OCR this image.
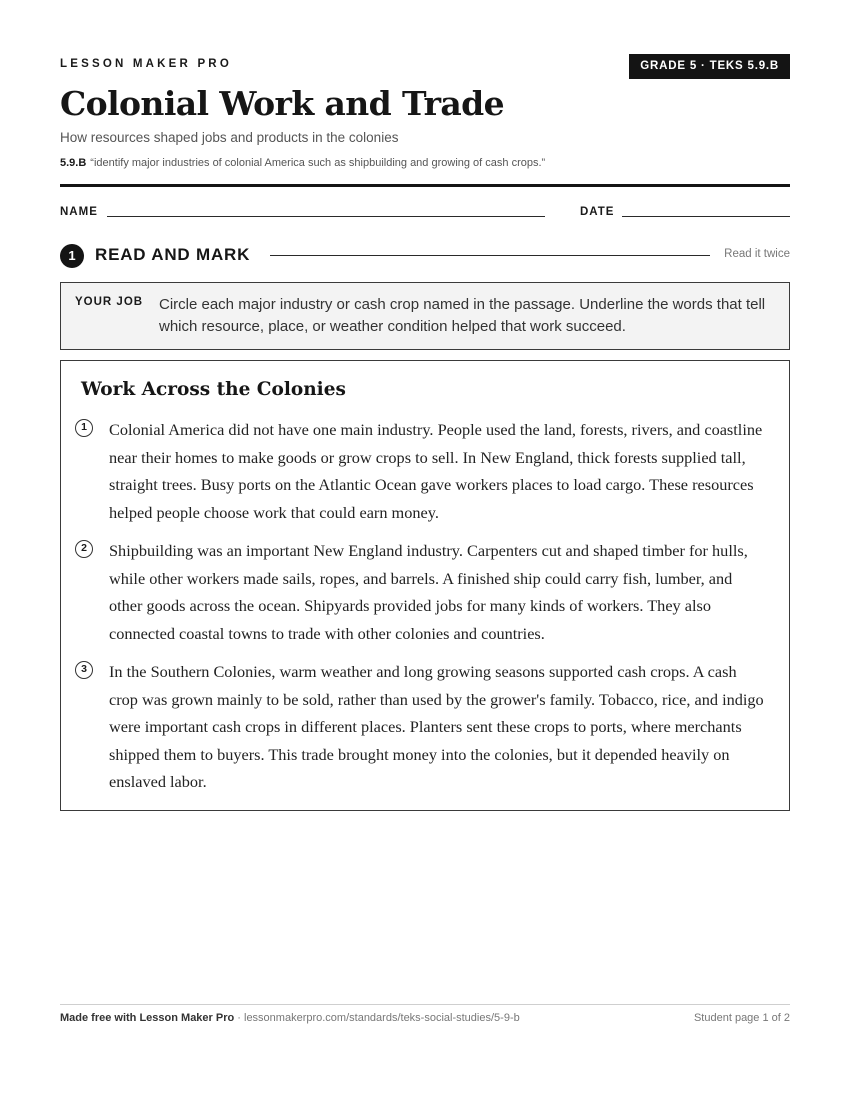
LESSON MAKER PRO	GRADE 5 · TEKS 5.9.B
Colonial Work and Trade
How resources shaped jobs and products in the colonies
5.9.B “identify major industries of colonial America such as shipbuilding and growing of cash crops.”
NAME	DATE
1	READ AND MARK	Read it twice
YOUR JOB Circle each major industry or cash crop named in the passage. Underline the words that tell which resource, place, or weather condition helped that work succeed.
Work Across the Colonies
1	Colonial America did not have one main industry. People used the land, forests, rivers, and coastline near their homes to make goods or grow crops to sell. In New England, thick forests supplied tall, straight trees. Busy ports on the Atlantic Ocean gave workers places to load cargo. These resources helped people choose work that could earn money.
2	Shipbuilding was an important New England industry. Carpenters cut and shaped timber for hulls, while other workers made sails, ropes, and barrels. A finished ship could carry fish, lumber, and other goods across the ocean. Shipyards provided jobs for many kinds of workers. They also connected coastal towns to trade with other colonies and countries.
3	In the Southern Colonies, warm weather and long growing seasons supported cash crops. A cash crop was grown mainly to be sold, rather than used by the grower's family. Tobacco, rice, and indigo were important cash crops in different places. Planters sent these crops to ports, where merchants shipped them to buyers. This trade brought money into the colonies, but it depended heavily on enslaved labor.
Made free with Lesson Maker Pro · lessonmakerpro.com/standards/teks-social-studies/5-9-b	Student page 1 of 2
